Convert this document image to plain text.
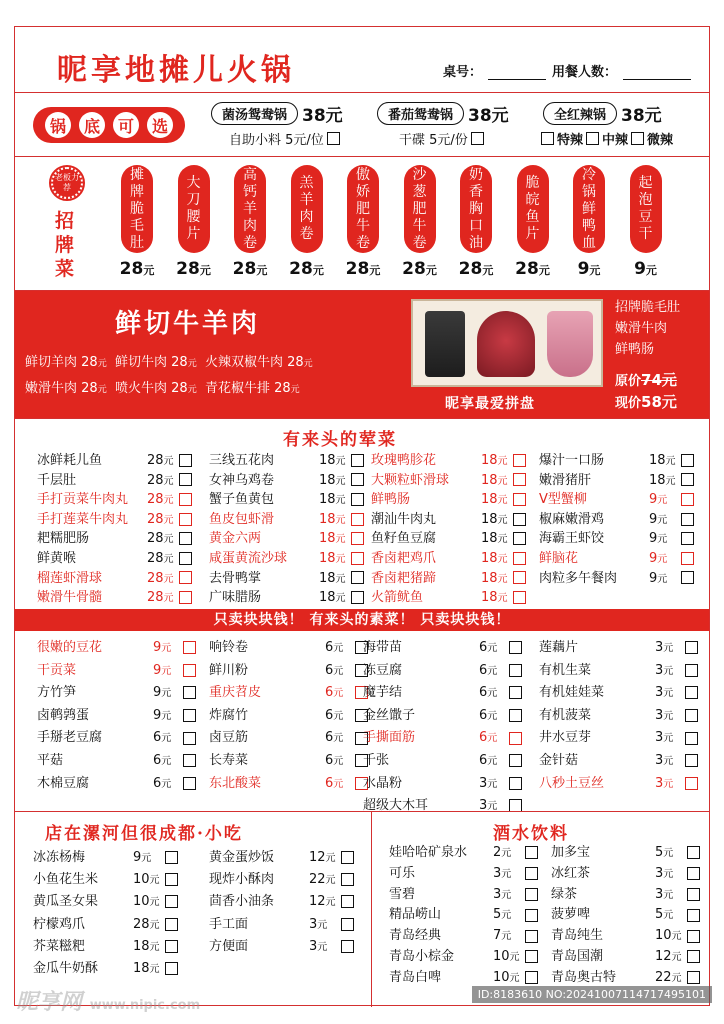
昵享地摊儿火锅	桌号：	用餐人数：
锅	底	可	选
菌汤鸳鸯锅 38元	番茄鸳鸯锅 38元	全红辣锅 38元
自助小料 5元/位	干碟 5元/份	特辣 中辣 微辣
老板力荐
招牌菜
摊
牌
脆
毛
肚
28元
大
刀
腰
片
28元
高
钙
羊
肉
卷
28元
羔
羊
肉
卷
28元
傲
娇
肥
牛
卷
28元
沙
葱
肥
牛
卷
28元
奶
香
胸
口
油
28元
脆
皖
鱼
片
28元
冷
锅
鲜
鸭
血
9元
起
泡
豆
干
9元
鲜切牛羊肉
鲜切羊肉 28元 鲜切牛肉 28元 火辣双椒牛肉 28元
嫩滑牛肉 28元 喷火牛肉 28元 青花椒牛排 28元
昵享最爱拼盘
招牌脆毛肚
嫩滑牛肉
鲜鸭肠
原价74元
现价58元
有来头的荤菜
冰鲜耗儿鱼	28元
千层肚	28元
手打贡菜牛肉丸 28元
手打莲菜牛肉丸 28元
耙糯肥肠	28元
鲜黄喉	28元
榴莲虾滑球	28元
嫩滑牛骨髓	28元
三线五花肉	18元
女神乌鸡卷	18元
蟹子鱼黄包	18元
鱼皮包虾滑	18元
黄金六两	18元
咸蛋黄流沙球 18元
去骨鸭掌	18元
广味腊肠	18元
玫瑰鸭胗花	18元
大颗粒虾滑球 18元
鲜鸭肠	18元
潮汕牛肉丸	18元
鱼籽鱼豆腐	18元
香卤耙鸡爪	18元
香卤耙猪蹄	18元
火箭鱿鱼	18元
爆汁一口肠	18元
嫩滑猪肝	18元
V型蟹柳	9元
椒麻嫩滑鸡	9元
海霸王虾饺	9元
鲜脑花	9元
肉粒多午餐肉 9元
只卖块块钱！ 有来头的素菜！ 只卖块块钱！
很嫩的豆花	9元
干贡菜	9元
方竹笋	9元
卤鹌鹑蛋	9元
手掰老豆腐	6元
平菇	6元
木棉豆腐	6元
响铃卷	6元
鲜川粉	6元
重庆苕皮	6元
炸腐竹	6元
卤豆筋	6元
长寿菜	6元
东北酸菜	6元
海带苗	6元
冻豆腐	6元
魔芋结	6元
金丝馓子	6元
手撕面筋	6元
千张	6元
水晶粉	3元
超级大木耳	3元
莲藕片	3元
有机生菜	3元
有机娃娃菜	3元
有机菠菜	3元
井水豆芽	3元
金针菇	3元
八秒土豆丝	3元
店在漯河但很成都·小吃	酒水饮料
冰冻杨梅	9元
小鱼花生米	10元
黄瓜圣女果	10元
柠檬鸡爪	28元
芥菜糍粑	18元
金瓜牛奶酥	18元
黄金蛋炒饭	12元
现炸小酥肉	22元
茴香小油条	12元
手工面	3元
方便面	3元
娃哈哈矿泉水 2元
可乐	3元
雪碧	3元
精品崂山	5元
青岛经典	7元
青岛小棕金	10元
青岛白啤	10元
加多宝	5元
冰红茶	3元
绿茶	3元
菠萝啤	5元
青岛纯生	10元
青岛国潮	12元
青岛奥古特	22元
昵享网 www.nipic.com
ID:8183610 NO:20241007114717495101
